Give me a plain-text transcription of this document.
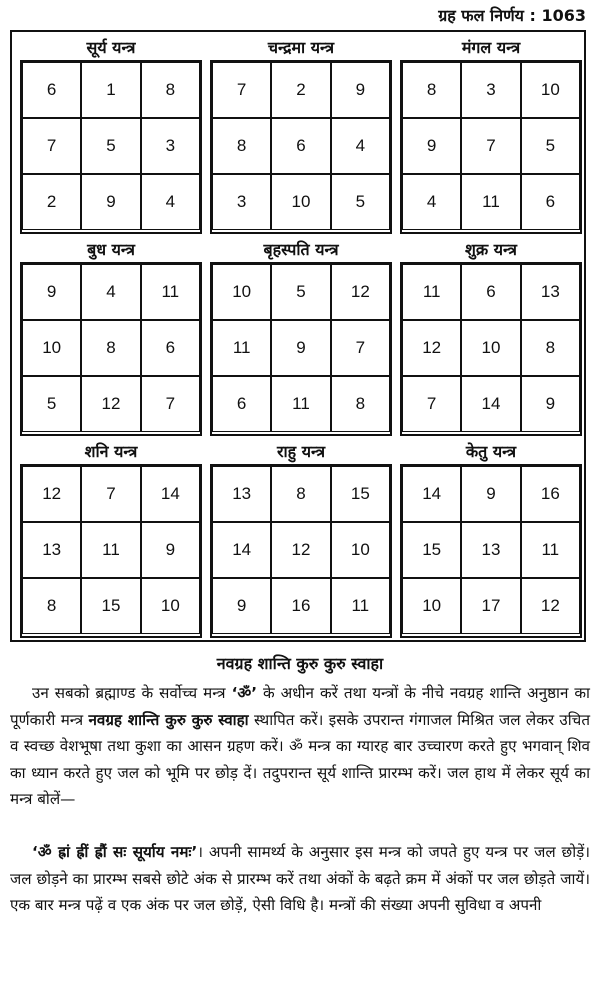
ग्रह फल निर्णय : 1063
सूर्य यन्त्र
6	1	8
7	5	3
2	9	4
चन्द्रमा यन्त्र
7	2	9
8	6	4
3	10	5
मंगल यन्त्र
8	3	10
9	7	5
4	11	6
बुध यन्त्र
9	4	11
10	8	6
5	12	7
बृहस्पति यन्त्र
10	5	12
11	9	7
6	11	8
शुक्र यन्त्र
11	6	13
12	10	8
7	14	9
शनि यन्त्र
12	7	14
13	11	9
8	15	10
राहु यन्त्र
13	8	15
14	12	10
9	16	11
केतु यन्त्र
14	9	16
15	13	11
10	17	12
नवग्रह शान्ति कुरु कुरु स्वाहा
उन सबको ब्रह्माण्ड के सर्वोच्च मन्त्र ‘ॐ’ के अधीन करें तथा यन्त्रों के नीचे नवग्रह शान्ति अनुष्ठान का पूर्णकारी मन्त्र नवग्रह शान्ति कुरु कुरु स्वाहा स्थापित करें। इसके उपरान्त गंगाजल मिश्रित जल लेकर उचित व स्वच्छ वेशभूषा तथा कुशा का आसन ग्रहण करें। ॐ मन्त्र का ग्यारह बार उच्चारण करते हुए भगवान् शिव का ध्यान करते हुए जल को भूमि पर छोड़ दें। तदुपरान्त सूर्य शान्ति प्रारम्भ करें। जल हाथ में लेकर सूर्य का मन्त्र बोलें—
‘ॐ ह्रां ह्रीं ह्रौं सः सूर्याय नमः’। अपनी सामर्थ्य के अनुसार इस मन्त्र को जपते हुए यन्त्र पर जल छोड़ें। जल छोड़ने का प्रारम्भ सबसे छोटे अंक से प्रारम्भ करें तथा अंकों के बढ़ते क्रम में अंकों पर जल छोड़ते जायें। एक बार मन्त्र पढ़ें व एक अंक पर जल छोड़ें, ऐसी विधि है। मन्त्रों की संख्या अपनी सुविधा व अपनी
